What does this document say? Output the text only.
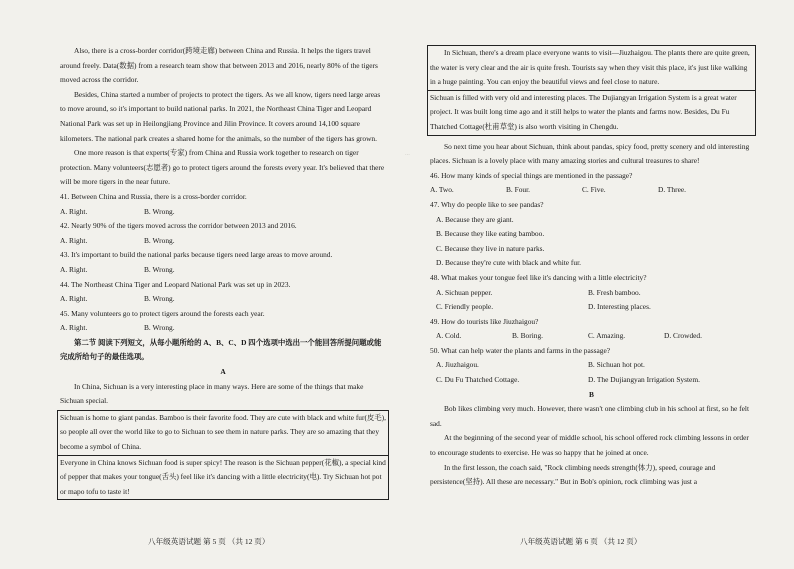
...

Also, there is a cross-border corridor(跨境走廊) between China and Russia. It helps the tigers travel around freely. Data(数据) from a research team show that between 2013 and 2016, nearly 80% of the tigers moved across the corridor.

Besides, China started a number of projects to protect the tigers. As we all know, tigers need large areas to move around, so it's important to build national parks. In 2021, the Northeast China Tiger and Leopard National Park was set up in Heilongjiang Province and Jilin Province. It covers around 14,100 square kilometers. The national park creates a shared home for the animals, so the number of the tigers has grown.

One more reason is that experts(专家) from China and Russia work together to research on tiger protection. Many volunteers(志愿者) go to protect tigers around the forests every year. It's believed that there will be more tigers in the near future.

41. Between China and Russia, there is a cross-border corridor.

A. Right.	B. Wrong.

42. Nearly 90% of the tigers moved across the corridor between 2013 and 2016.

A. Right.	B. Wrong.

43. It's important to build the national parks because tigers need large areas to move around.

A. Right.	B. Wrong.

44. The Northeast China Tiger and Leopard National Park was set up in 2023.

A. Right.	B. Wrong.

45. Many volunteers go to protect tigers around the forests each year.

A. Right.	B. Wrong.

第二节 阅读下列短文，从每小题所给的 A、B、C、D 四个选项中选出一个能回答所提问题或能完成所给句子的最佳选项。

A

In China, Sichuan is a very interesting place in many ways. Here are some of the things that make Sichuan special.

Sichuan is home to giant pandas. Bamboo is their favorite food. They are cute with black and white fur(皮毛), so people all over the world like to go to Sichuan to see them in nature parks. They are so amazing that they become a symbol of China.
Everyone in China knows Sichuan food is super spicy! The reason is the Sichuan pepper(花椒), a special kind of pepper that makes your tongue(舌头) feel like it's dancing with a little electricity(电). Try Sichuan hot pot or mapo tofu to taste it!
In Sichuan, there's a dream place everyone wants to visit—Jiuzhaigou. The plants there are quite green, the water is very clear and the air is quite fresh. Tourists say when they visit this place, it's just like walking in a huge painting. You can enjoy the beautiful views and feel close to nature.
Sichuan is filled with very old and interesting places. The Dujiangyan Irrigation System is a great water project. It was built long time ago and it still helps to water the plants and farms now. Besides, Du Fu Thatched Cottage(杜甫草堂) is also worth visiting in Chengdu.

So next time you hear about Sichuan, think about pandas, spicy food, pretty scenery and old interesting places. Sichuan is a lovely place with many amazing stories and cultural treasures to share!

46. How many kinds of special things are mentioned in the passage?

A. Two.	B. Four.	C. Five.	D. Three.

47. Why do people like to see pandas?

A. Because they are giant.

B. Because they like eating bamboo.

C. Because they live in nature parks.

D. Because they're cute with black and white fur.

48. What makes your tongue feel like it's dancing with a little electricity?

A. Sichuan pepper.	B. Fresh bamboo.
C. Friendly people.	D. Interesting places.

49. How do tourists like Jiuzhaigou?

A. Cold.	B. Boring.	C. Amazing.	D. Crowded.

50. What can help water the plants and farms in the passage?

A. Jiuzhaigou.	B. Sichuan hot pot.
C. Du Fu Thatched Cottage.	D. The Dujiangyan Irrigation System.

B

Bob likes climbing very much. However, there wasn't one climbing club in his school at first, so he felt sad.

At the beginning of the second year of middle school, his school offered rock climbing lessons in order to encourage students to exercise. He was so happy that he joined at once.

In the first lesson, the coach said, "Rock climbing needs strength(体力), speed, courage and persistence(坚持). All these are necessary." But in Bob's opinion, rock climbing was just a

八年级英语试题 第 5 页 （共 12 页）	八年级英语试题 第 6 页 （共 12 页）
